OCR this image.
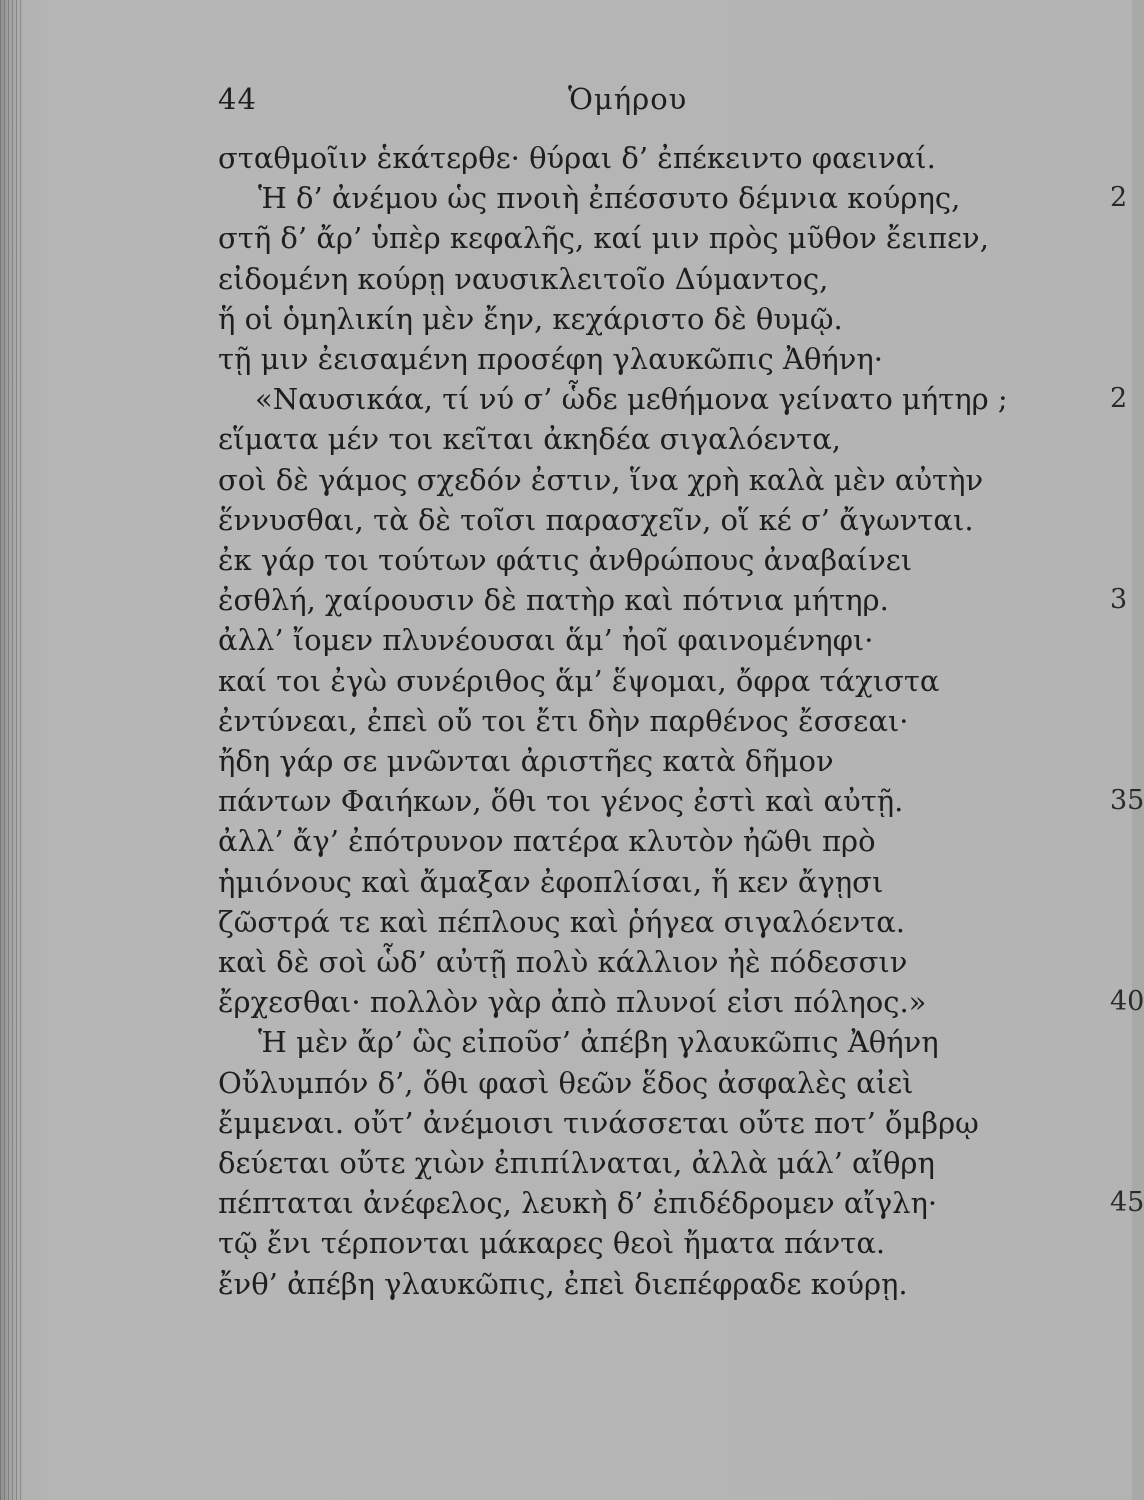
44	Ὁμήρου
σταθμοῖιν ἑκάτερθε· θύραι δ’ ἐπέκειντο φαειναί.
Ἡ δ’ ἀνέμου ὡς πνοιὴ ἐπέσσυτο δέμνια κούρης,	2
στῆ δ’ ἄρ’ ὑπὲρ κεφαλῆς, καί μιν πρὸς μῦθον ἔειπεν,
εἰδομένη κούρῃ ναυσικλειτοῖο Δύμαντος,
ἥ οἱ ὁμηλικίη μὲν ἔην, κεχάριστο δὲ θυμῷ.
τῇ μιν ἐεισαμένη προσέφη γλαυκῶπις Ἀθήνη·
«Ναυσικάα, τί νύ σ’ ὧδε μεθήμονα γείνατο μήτηρ ;	2
εἵματα μέν τοι κεῖται ἀκηδέα σιγαλόεντα,
σοὶ δὲ γάμος σχεδόν ἐστιν, ἵνα χρὴ καλὰ μὲν αὐτὴν
ἕννυσθαι, τὰ δὲ τοῖσι παρασχεῖν, οἵ κέ σ’ ἄγωνται.
ἐκ γάρ τοι τούτων φάτις ἀνθρώπους ἀναβαίνει
ἐσθλή, χαίρουσιν δὲ πατὴρ καὶ πότνια μήτηρ.	3
ἀλλ’ ἴομεν πλυνέουσαι ἅμ’ ἠοῖ φαινομένηφι·
καί τοι ἐγὼ συνέριθος ἅμ’ ἕψομαι, ὄφρα τάχιστα
ἐντύνεαι, ἐπεὶ οὔ τοι ἔτι δὴν παρθένος ἔσσεαι·
ἤδη γάρ σε μνῶνται ἀριστῆες κατὰ δῆμον
πάντων Φαιήκων, ὅθι τοι γένος ἐστὶ καὶ αὐτῇ.	35
ἀλλ’ ἄγ’ ἐπότρυνον πατέρα κλυτὸν ἠῶθι πρὸ
ἡμιόνους καὶ ἄμαξαν ἐφοπλίσαι, ἥ κεν ἄγῃσι
ζῶστρά τε καὶ πέπλους καὶ ῥήγεα σιγαλόεντα.
καὶ δὲ σοὶ ὧδ’ αὐτῇ πολὺ κάλλιον ἠὲ πόδεσσιν
ἔρχεσθαι· πολλὸν γὰρ ἀπὸ πλυνοί εἰσι πόληος.»	40
Ἡ μὲν ἄρ’ ὣς εἰποῦσ’ ἀπέβη γλαυκῶπις Ἀθήνη
Οὔλυμπόν δ’, ὅθι φασὶ θεῶν ἕδος ἀσφαλὲς αἰεὶ
ἔμμεναι. οὔτ’ ἀνέμοισι τινάσσεται οὔτε ποτ’ ὄμβρῳ
δεύεται οὔτε χιὼν ἐπιπίλναται, ἀλλὰ μάλ’ αἴθρη
πέπταται ἀνέφελος, λευκὴ δ’ ἐπιδέδρομεν αἴγλη·	45
τῷ ἔνι τέρπονται μάκαρες θεοὶ ἤματα πάντα.
ἔνθ’ ἀπέβη γλαυκῶπις, ἐπεὶ διεπέφραδε κούρῃ.
